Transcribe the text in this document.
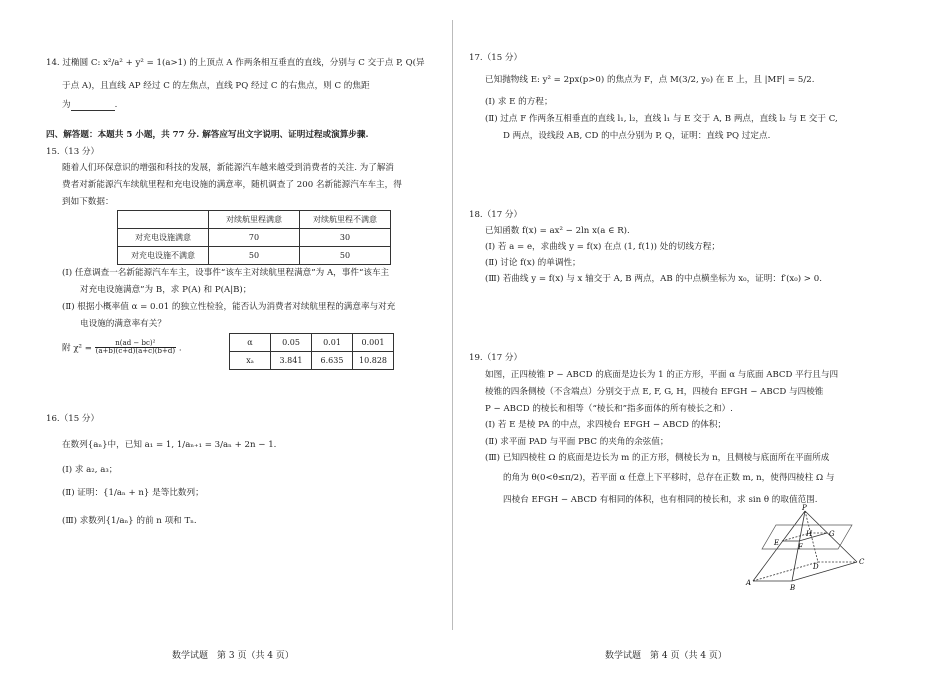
14. 过椭圆 C: x²/a² + y² = 1(a>1) 的上顶点 A 作两条相互垂直的直线，分别与 C 交于点 P, Q(异
于点 A)，且直线 AP 经过 C 的左焦点，直线 PQ 经过 C 的右焦点，则 C 的焦距
为	.
四、解答题：本题共 5 小题，共 77 分. 解答应写出文字说明、证明过程或演算步骤.
15.（13 分）
随着人们环保意识的增强和科技的发展，新能源汽车越来越受到消费者的关注. 为了解消
费者对新能源汽车续航里程和充电设施的满意率，随机调查了 200 名新能源汽车车主，得
到如下数据：
	对续航里程满意	对续航里程不满意
对充电设施满意	70	30
对充电设施不满意	50	50
(Ⅰ) 任意调查一名新能源汽车车主，设事件“该车主对续航里程满意”为 A，事件“该车主
对充电设施满意”为 B，求 P(A) 和 P(A|B)；
(Ⅱ) 根据小概率值 α = 0.01 的独立性检验，能否认为消费者对续航里程的满意率与对充
电设施的满意率有关？
附 $\chi^2 = \frac{\text{n(ad − bc)²}}{(a+b)(c+d)(a+c)(b+d)}$ .
α	0.05	0.01	0.001
xₐ	3.841	6.635	10.828
16.（15 分）
在数列{aₙ}中，已知 a₁ = 1, 1/aₙ₊₁ = 3/aₙ + 2n − 1.
(Ⅰ) 求 a₂, a₃；
(Ⅱ) 证明：{1/aₙ + n} 是等比数列；
(Ⅲ) 求数列{1/aₙ} 的前 n 项和 Tₙ.
数学试题　第 3 页（共 4 页）
17.（15 分）
已知抛物线 E: y² = 2px(p>0) 的焦点为 F，点 M(3/2, y₀) 在 E 上，且 |MF| = 5/2.
(Ⅰ) 求 E 的方程；
(Ⅱ) 过点 F 作两条互相垂直的直线 l₁, l₂，直线 l₁ 与 E 交于 A, B 两点，直线 l₂ 与 E 交于 C,
D 两点，设线段 AB, CD 的中点分别为 P, Q，证明：直线 PQ 过定点.
18.（17 分）
已知函数 f(x) = ax² − 2ln x(a ∈ R).
(Ⅰ) 若 a = e，求曲线 y = f(x) 在点 (1, f(1)) 处的切线方程；
(Ⅱ) 讨论 f(x) 的单调性；
(Ⅲ) 若曲线 y = f(x) 与 x 轴交于 A, B 两点，AB 的中点横坐标为 x₀，证明：f′(x₀) > 0.
19.（17 分）
如图，正四棱锥 P − ABCD 的底面是边长为 1 的正方形，平面 α 与底面 ABCD 平行且与四
棱锥的四条侧棱（不含端点）分别交于点 E, F, G, H，四棱台 EFGH − ABCD 与四棱锥
P − ABCD 的棱长和相等（“棱长和”指多面体的所有棱长之和）.
(Ⅰ) 若 E 是棱 PA 的中点，求四棱台 EFGH − ABCD 的体积；
(Ⅱ) 求平面 PAD 与平面 PBC 的夹角的余弦值；
(Ⅲ) 已知四棱柱 Ω 的底面是边长为 m 的正方形，侧棱长为 n，且侧棱与底面所在平面所成
的角为 θ(0<θ≤π/2)，若平面 α 任意上下平移时，总存在正数 m, n，使得四棱柱 Ω 与
四棱台 EFGH − ABCD 有相同的体积，也有相同的棱长和，求 sin θ 的取值范围.
P
H G
E	F
D
C
A
B
数学试题　第 4 页（共 4 页）
